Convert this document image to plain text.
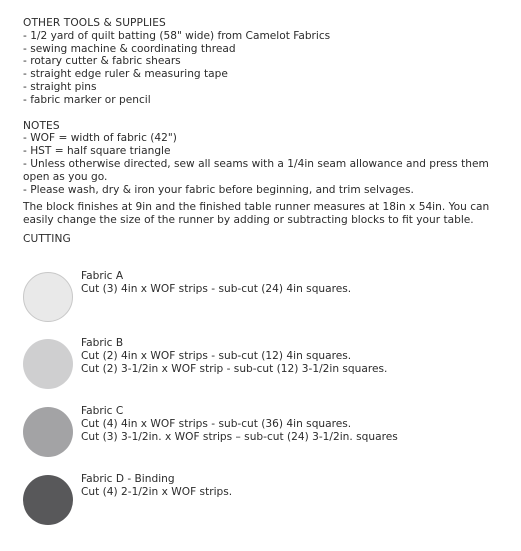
OTHER TOOLS & SUPPLIES
- 1/2 yard of quilt batting (58" wide) from Camelot Fabrics
- sewing machine & coordinating thread
- rotary cutter & fabric shears
- straight edge ruler & measuring tape
- straight pins
- fabric marker or pencil
NOTES
- WOF = width of fabric (42")
- HST = half square triangle
- Unless otherwise directed, sew all seams with a 1/4in seam allowance and press them open as you go.
- Please wash, dry & iron your fabric before beginning, and trim selvages.
The block finishes at 9in and the finished table runner measures at 18in x 54in. You can easily change the size of the runner by adding or subtracting blocks to fit your table.
CUTTING
Fabric A
Cut (3) 4in x WOF strips - sub-cut (24) 4in squares.
Fabric B
Cut (2) 4in x WOF strips - sub-cut (12) 4in squares.
Cut (2) 3-1/2in x WOF strip - sub-cut (12) 3-1/2in squares.
Fabric C
Cut (4) 4in x WOF strips - sub-cut (36) 4in squares.
Cut (3) 3-1/2in. x WOF strips – sub-cut (24) 3-1/2in. squares
Fabric D - Binding
Cut (4) 2-1/2in x WOF strips.
